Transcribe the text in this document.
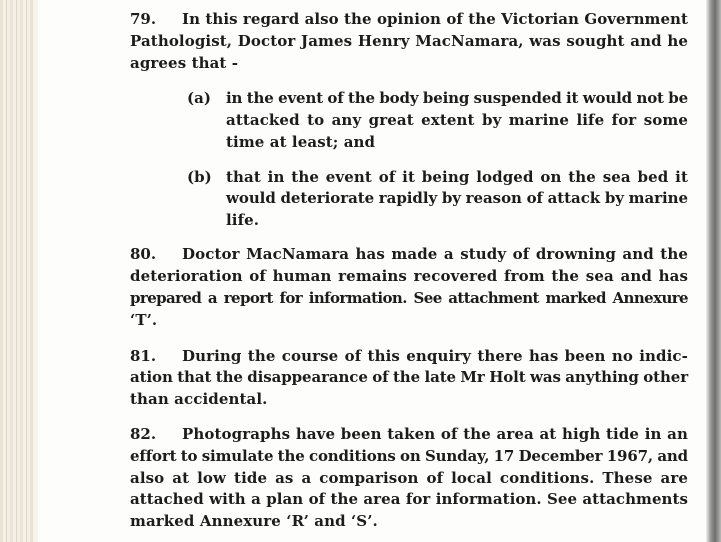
79. In this regard also the opinion of the Victorian Government
Pathologist, Doctor James Henry MacNamara, was sought and he
agrees that -
(a) in the event of the body being suspended it would not be
attacked to any great extent by marine life for some
time at least; and
(b) that in the event of it being lodged on the sea bed it
would deteriorate rapidly by reason of attack by marine
life.
80. Doctor MacNamara has made a study of drowning and the
deterioration of human remains recovered from the sea and has
prepared a report for information. See attachment marked Annexure
‘T’.
81. During the course of this enquiry there has been no indic-
ation that the disappearance of the late Mr Holt was anything other
than accidental.
82. Photographs have been taken of the area at high tide in an
effort to simulate the conditions on Sunday, 17 December 1967, and
also at low tide as a comparison of local conditions. These are
attached with a plan of the area for information. See attachments
marked Annexure ‘R’ and ‘S’.
